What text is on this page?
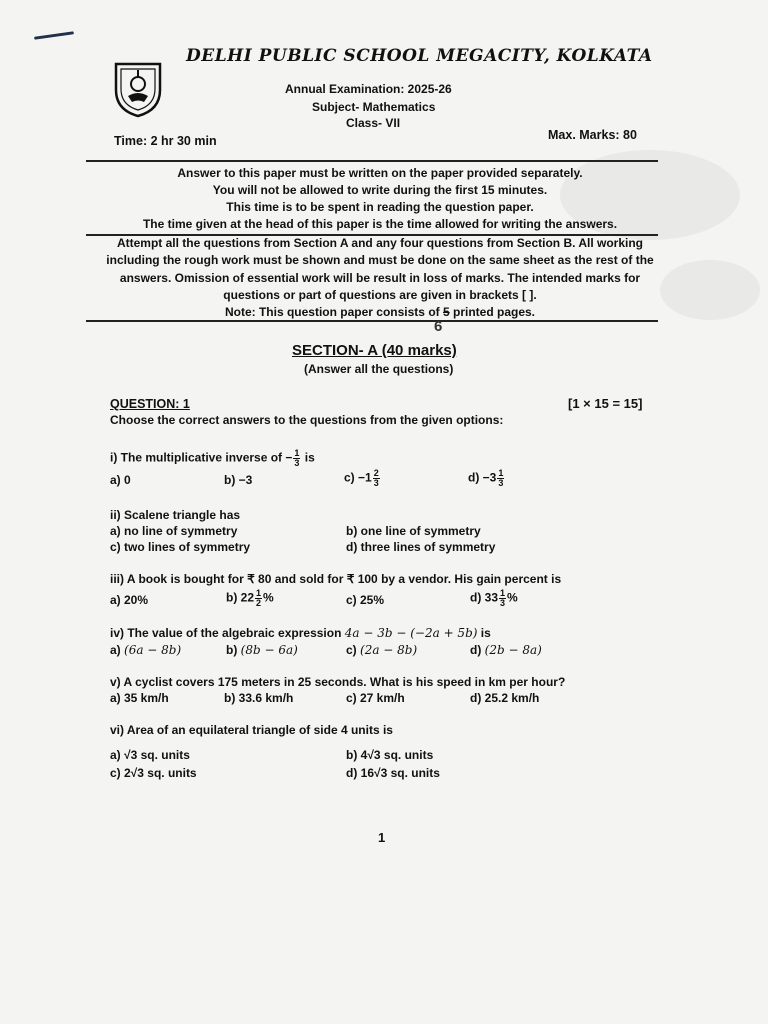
DELHI PUBLIC SCHOOL MEGACITY, KOLKATA
Annual Examination: 2025-26
Subject- Mathematics
Class- VII
Time: 2 hr 30 min	Max. Marks: 80
Answer to this paper must be written on the paper provided separately.
You will not be allowed to write during the first 15 minutes.
This time is to be spent in reading the question paper.
The time given at the head of this paper is the time allowed for writing the answers.
Attempt all the questions from Section A and any four questions from Section B. All working
including the rough work must be shown and must be done on the same sheet as the rest of the
answers. Omission of essential work will be result in loss of marks. The intended marks for
questions or part of questions are given in brackets [ ].
Note: This question paper consists of 5 printed pages.
6
SECTION- A (40 marks)
(Answer all the questions)
QUESTION: 1	[1 × 15 = 15]
Choose the correct answers to the questions from the given options:
i) The multiplicative inverse of − $\frac{1}{3}$ is
a) 0	b) −3	$c) -1 \frac{2}{3}$	$d) -3 \frac{1}{3}$
ii) Scalene triangle has
a) no line of symmetry	b) one line of symmetry
c) two lines of symmetry	d) three lines of symmetry
iii) A book is bought for ₹ 80 and sold for ₹ 100 by a vendor. His gain percent is
a) 20%	b) $22 \frac{1}{2}$ %	c) 25%	d) $33 \frac{1}{3}$ %
iv) The value of the algebraic expression 4a − 3b − (−2a + 5b) is
a) (6a − 8b)	b) (8b − 6a)	c) (2a − 8b)	d) (2b − 8a)
v) A cyclist covers 175 meters in 25 seconds. What is his speed in km per hour?
a) 35 km/h	b) 33.6 km/h	c) 27 km/h	d) 25.2 km/h
vi) Area of an equilateral triangle of side 4 units is
a) √3 sq. units	b) 4√3 sq. units
c) 2√3 sq. units	d) 16√3 sq. units
1
